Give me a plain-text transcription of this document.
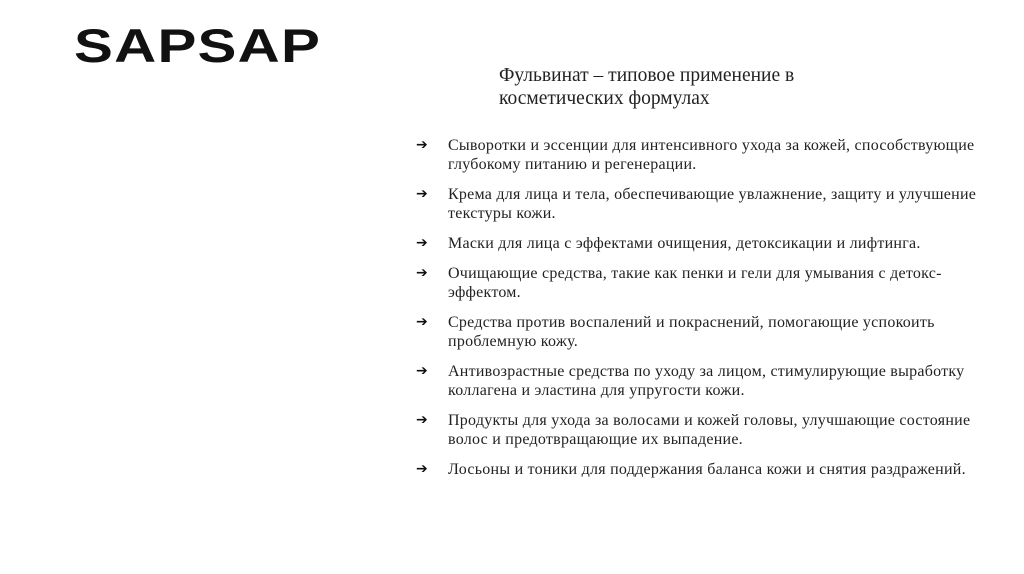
SAPSAP
Фульвинат – типовое применение в косметических формулах
➔	Сыворотки и эссенции для интенсивного ухода за кожей, способствующие глубокому питанию и регенерации.
➔	Крема для лица и тела, обеспечивающие увлажнение, защиту и улучшение текстуры кожи.
➔	Маски для лица с эффектами очищения, детоксикации и лифтинга.
➔	Очищающие средства, такие как пенки и гели для умывания с детокс-эффектом.
➔	Средства против воспалений и покраснений, помогающие успокоить проблемную кожу.
➔	Антивозрастные средства по уходу за лицом, стимулирующие выработку коллагена и эластина для упругости кожи.
➔	Продукты для ухода за волосами и кожей головы, улучшающие состояние волос и предотвращающие их выпадение.
➔	Лосьоны и тоники для поддержания баланса кожи и снятия раздражений.
